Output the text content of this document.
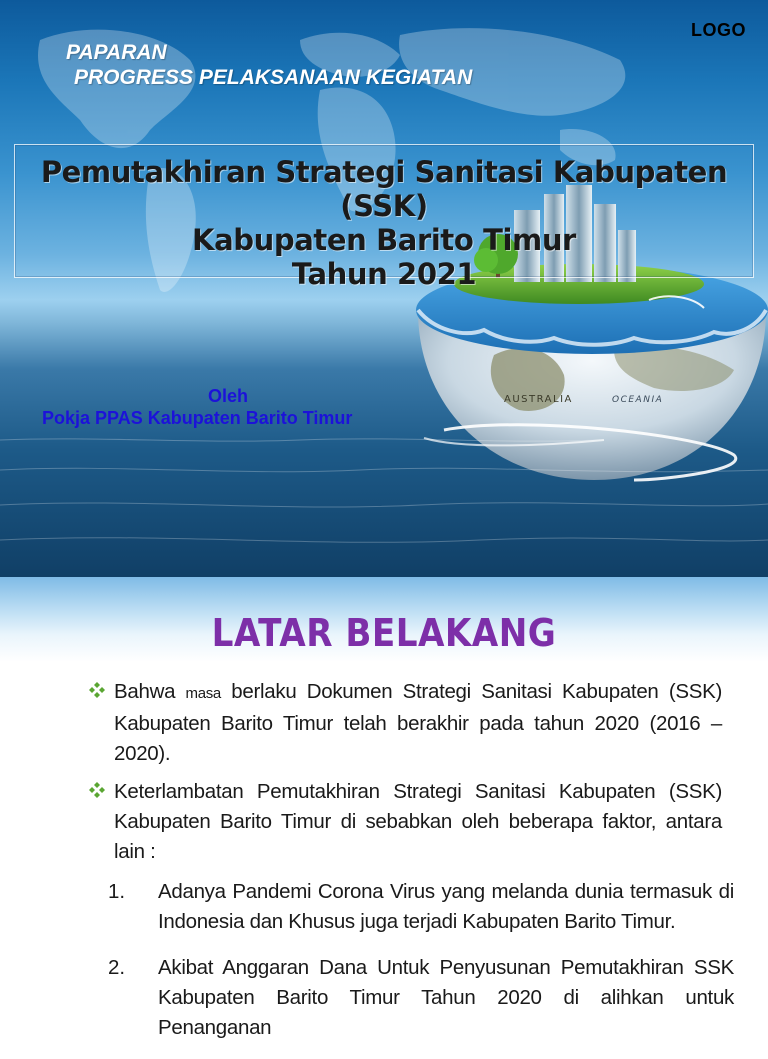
LOGO
PAPARAN
PROGRESS PELAKSANAAN KEGIATAN
AUSTRALIA	OCEANIA
Pemutakhiran Strategi Sanitasi Kabupaten (SSK)
Kabupaten Barito Timur
Tahun 2021
Oleh
Pokja PPAS Kabupaten Barito Timur
LATAR BELAKANG
Bahwa masa berlaku Dokumen Strategi Sanitasi Kabupaten (SSK) Kabupaten Barito Timur telah berakhir pada tahun 2020 (2016 – 2020).
Keterlambatan Pemutakhiran Strategi Sanitasi Kabupaten (SSK) Kabupaten Barito Timur di sebabkan oleh beberapa faktor, antara lain :
1. Adanya Pandemi Corona Virus yang melanda dunia termasuk di Indonesia dan Khusus juga terjadi Kabupaten Barito Timur.
2. Akibat Anggaran Dana Untuk Penyusunan Pemutakhiran SSK Kabupaten Barito Timur Tahun 2020 di alihkan untuk Penanganan
